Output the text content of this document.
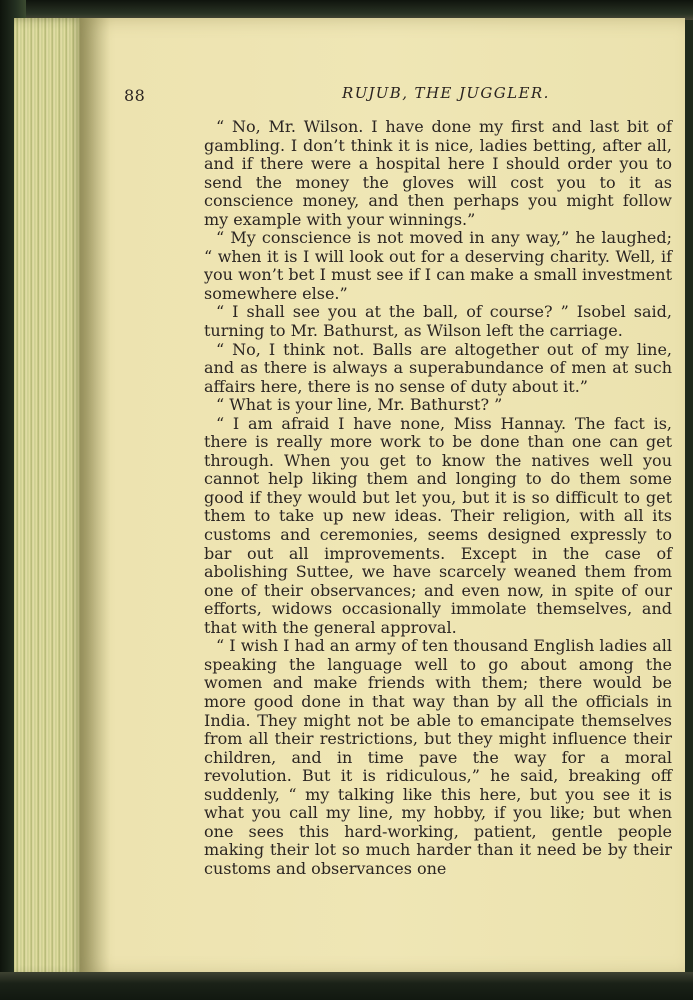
88	RUJUB, THE JUGGLER.

“ No, Mr. Wilson. I have done my first and last bit of gambling. I don’t think it is nice, ladies betting, after all, and if there were a hospital here I should order you to send the money the gloves will cost you to it as conscience money, and then perhaps you might follow my example with your winnings.”

“ My conscience is not moved in any way,” he laughed; “ when it is I will look out for a deserving charity. Well, if you won’t bet I must see if I can make a small investment somewhere else.”

“ I shall see you at the ball, of course? ” Isobel said, turning to Mr. Bathurst, as Wilson left the carriage.

“ No, I think not. Balls are altogether out of my line, and as there is always a superabundance of men at such affairs here, there is no sense of duty about it.”

“ What is your line, Mr. Bathurst? ”

“ I am afraid I have none, Miss Hannay. The fact is, there is really more work to be done than one can get through. When you get to know the natives well you cannot help liking them and longing to do them some good if they would but let you, but it is so difficult to get them to take up new ideas. Their religion, with all its customs and ceremonies, seems designed expressly to bar out all improvements. Except in the case of abolishing Suttee, we have scarcely weaned them from one of their observances; and even now, in spite of our efforts, widows occasionally immolate themselves, and that with the general approval.

“ I wish I had an army of ten thousand English ladies all speaking the language well to go about among the women and make friends with them; there would be more good done in that way than by all the officials in India. They might not be able to emancipate themselves from all their restrictions, but they might influence their children, and in time pave the way for a moral revolution. But it is ridiculous,” he said, breaking off suddenly, “ my talking like this here, but you see it is what you call my line, my hobby, if you like; but when one sees this hard-working, patient, gentle people making their lot so much harder than it need be by their customs and observances one
